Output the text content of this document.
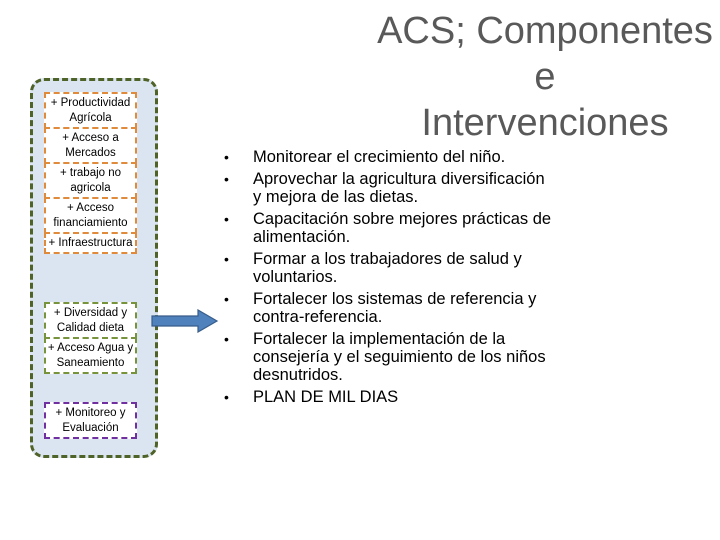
ACS; Componentes e
Intervenciones
+ Productividad Agrícola
+ Acceso a Mercados
+ trabajo no agricola
+ Acceso financiamiento
+ Infraestructura
+ Diversidad y Calidad dieta
+ Acceso Agua y Saneamiento
+ Monitoreo y Evaluación
• Monitorear el crecimiento del niño.
• Aprovechar la agricultura diversificación y mejora de las dietas.
• Capacitación sobre mejores prácticas de alimentación.
• Formar a los trabajadores de salud y voluntarios.
• Fortalecer los sistemas de referencia y contra-referencia.
• Fortalecer la implementación de la consejería y el seguimiento de los niños desnutridos.
• PLAN DE MIL DIAS
